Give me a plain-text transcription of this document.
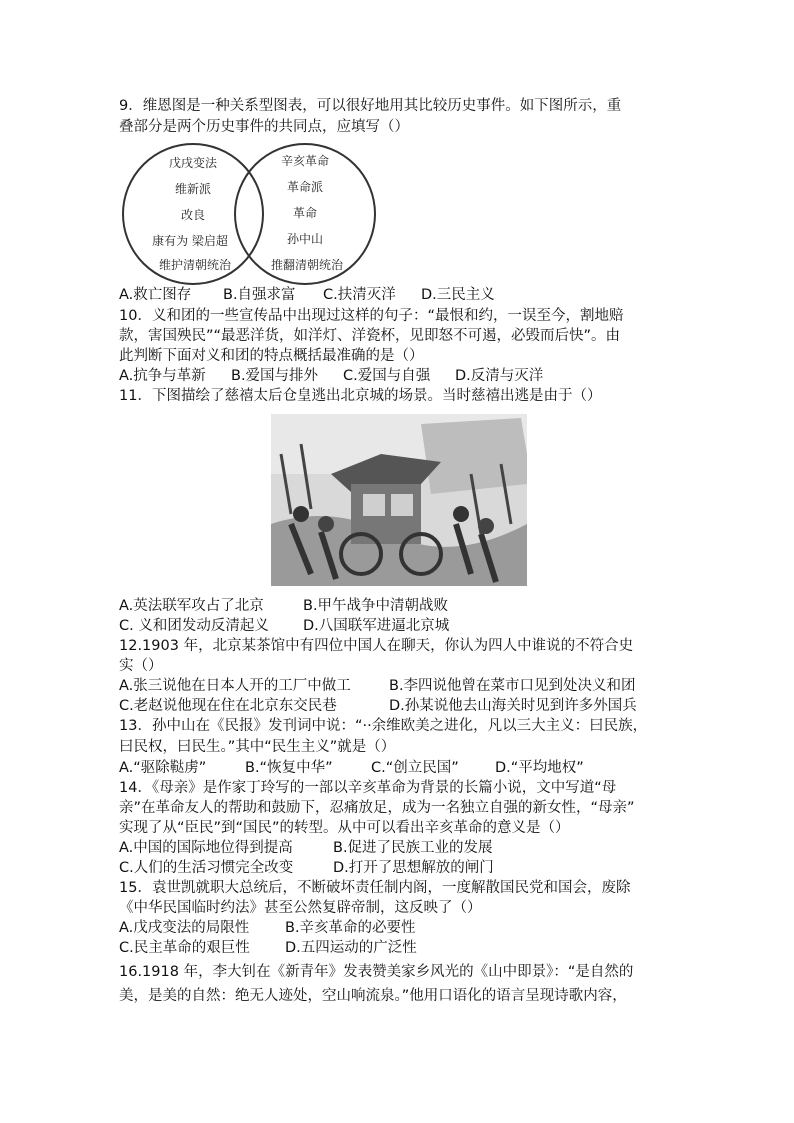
9．维恩图是一种关系型图表，可以很好地用其比较历史事件。如下图所示，重
叠部分是两个历史事件的共同点，应填写（）
戊戌变法
维新派
改良
康有为 梁启超
维护清朝统治
辛亥革命
革命派
革命
孙中山
推翻清朝统治
A.救亡图存 B.自强求富 C.扶清灭洋 D.三民主义
10．义和团的一些宣传品中出现过这样的句子：“最恨和约，一误至今，割地赔
款，害国殃民”“最恶洋货，如洋灯、洋瓷杯，见即怒不可遏，必毁而后快”。由
此判断下面对义和团的特点概括最准确的是（）
A.抗争与革新 B.爱国与排外 C.爱国与自强 D.反清与灭洋
11．下图描绘了慈禧太后仓皇逃出北京城的场景。当时慈禧出逃是由于（）
A.英法联军攻占了北京	B.甲午战争中清朝战败
C. 义和团发动反清起义 D.八国联军进逼北京城
12.1903 年，北京某茶馆中有四位中国人在聊天，你认为四人中谁说的不符合史
实（）
A.张三说他在日本人开的工厂中做工	B.李四说他曾在菜市口见到处决义和团
C.老赵说他现在住在北京东交民巷	D.孙某说他去山海关时见到许多外国兵
13．孙中山在《民报》发刊词中说：“··余维欧美之进化，凡以三大主义：曰民族，
曰民权，曰民生。”其中“民生主义”就是（）
A.“驱除鞑虏”	B.“恢复中华”	C.“创立民国” D.“平均地权”
14．《母亲》是作家丁玲写的一部以辛亥革命为背景的长篇小说，文中写道“母
亲”在革命友人的帮助和鼓励下，忍痛放足，成为一名独立自强的新女性，“母亲”
实现了从“臣民”到“国民”的转型。从中可以看出辛亥革命的意义是（）
A.中国的国际地位得到提高	B.促进了民族工业的发展
C.人们的生活习惯完全改变	D.打开了思想解放的闸门
15．袁世凯就职大总统后，不断破坏责任制内阁，一度解散国民党和国会，废除
《中华民国临时约法》甚至公然复辟帝制，这反映了（）
A.戊戌变法的局限性 B.辛亥革命的必要性
C.民主革命的艰巨性 D.五四运动的广泛性
16.1918 年，李大钊在《新青年》发表赞美家乡风光的《山中即景》：“是自然的
美，是美的自然：绝无人迹处，空山响流泉。”他用口语化的语言呈现诗歌内容，
